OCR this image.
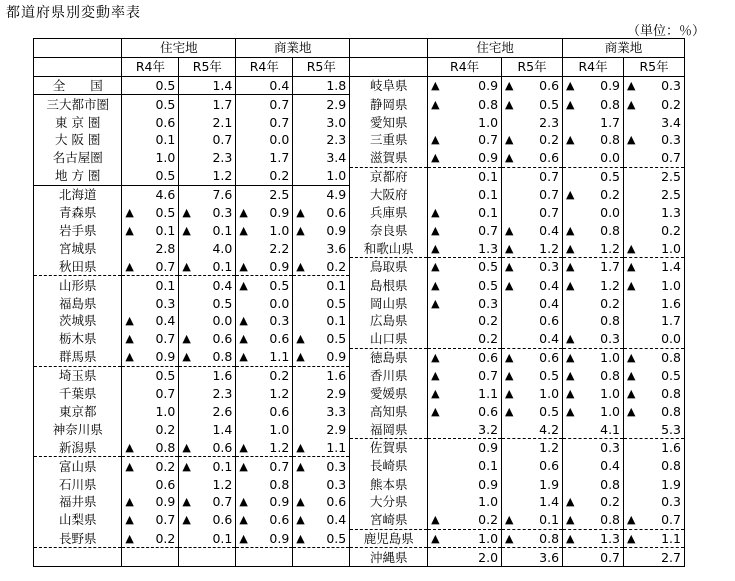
都道府県別変動率表
（単位：％）
	住宅地		商業地			住宅地		商業地	
	R4年	R5年	R4年	R5年		R4年	R5年	R4年	R5年
全　　国	0.5	1.4	0.4	1.8	岐阜県	▲ 0.9	▲ 0.6	▲ 0.9	▲ 0.3
三大都市圏	0.5	1.7	0.7	2.9	静岡県	▲ 0.8	▲ 0.5	▲ 0.8	▲ 0.2
東 京 圏	0.6	2.1	0.7	3.0	愛知県	1.0	2.3	1.7	3.4
大 阪 圏	0.1	0.7	0.0	2.3	三重県	▲ 0.7	▲ 0.2	▲ 0.8	▲ 0.3
名古屋圏	1.0	2.3	1.7	3.4	滋賀県	▲ 0.9	▲ 0.6	0.0	0.7
地 方 圏	0.5	1.2	0.2	1.0	京都府	0.1	0.7	0.5	2.5
北海道	4.6	7.6	2.5	4.9	大阪府	0.1	0.7	▲ 0.2	2.5
青森県	▲ 0.5	▲ 0.3	▲ 0.9	▲ 0.6	兵庫県	▲ 0.1	0.7	0.0	1.3
岩手県	▲ 0.1	▲ 0.1	▲ 1.0	▲ 0.9	奈良県	▲ 0.7	▲ 0.4	▲ 0.8	0.2
宮城県	2.8	4.0	2.2	3.6	和歌山県	▲ 1.3	▲ 1.2	▲ 1.2	▲ 1.0
秋田県	▲ 0.7	▲ 0.1	▲ 0.9	▲ 0.2	鳥取県	▲ 0.5	▲ 0.3	▲ 1.7	▲ 1.4
山形県	0.1	0.4	▲ 0.5	0.1	島根県	▲ 0.5	▲ 0.4	▲ 1.2	▲ 1.0
福島県	0.3	0.5	0.0	0.5	岡山県	▲ 0.3	0.4	0.2	1.6
茨城県	▲ 0.4	0.0	▲ 0.3	0.1	広島県	0.2	0.6	0.8	1.7
栃木県	▲ 0.7	▲ 0.6	▲ 0.6	▲ 0.5	山口県	0.2	0.4	▲ 0.3	0.0
群馬県	▲ 0.9	▲ 0.8	▲ 1.1	▲ 0.9	徳島県	▲ 0.6	▲ 0.6	▲ 1.0	▲ 0.8
埼玉県	0.5	1.6	0.2	1.6	香川県	▲ 0.7	▲ 0.5	▲ 0.8	▲ 0.5
千葉県	0.7	2.3	1.2	2.9	愛媛県	▲ 1.1	▲ 1.0	▲ 1.0	▲ 0.8
東京都	1.0	2.6	0.6	3.3	高知県	▲ 0.6	▲ 0.5	▲ 1.0	▲ 0.8
神奈川県	0.2	1.4	1.0	2.9	福岡県	3.2	4.2	4.1	5.3
新潟県	▲ 0.8	▲ 0.6	▲ 1.2	▲ 1.1	佐賀県	0.9	1.2	0.3	1.6
富山県	▲ 0.2	▲ 0.1	▲ 0.7	▲ 0.3	長崎県	0.1	0.6	0.4	0.8
石川県	0.6	1.2	0.8	0.3	熊本県	0.9	1.9	0.8	1.9
福井県	▲ 0.9	▲ 0.7	▲ 0.9	▲ 0.6	大分県	1.0	1.4	▲ 0.2	0.3
山梨県	▲ 0.7	▲ 0.6	▲ 0.6	▲ 0.4	宮崎県	▲ 0.2	▲ 0.1	▲ 0.8	▲ 0.7
長野県	▲ 0.2	0.1	▲ 0.9	▲ 0.5	鹿児島県	▲ 1.0	▲ 0.8	▲ 1.3	▲ 1.1
					沖縄県	2.0	3.6	0.7	2.7
